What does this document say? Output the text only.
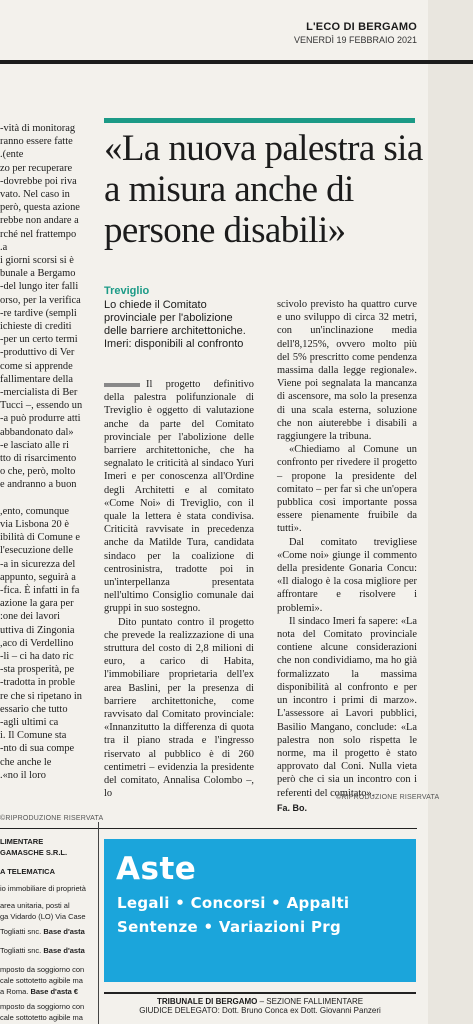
L'ECO DI BERGAMO
VENERDÌ 19 FEBBRAIO 2021

vità di monitorag-

ranno essere fatte

ente).

zo per recuperare

dovrebbe poi riva-

vato. Nel caso in

però, questa azione

rebbe non andare a

rché nel frattempo

a.

i giorni scorsi si è

bunale a Bergamo

del lungo iter falli-

orso, per la verifica

re tardive (sempli-

ichieste di crediti

per un certo termi-

produttivo di Ver-

come si apprende

fallimentare della

mercialista di Ber-

Tucci –, essendo un

a può produrre atti-

«abbandonato dal

e lasciato alle ri-

tto di risarcimento

o che, però, molto

e andranno a buon

ento, comunque,

via Lisbona 20 è

ibilità di Comune e

l'esecuzione delle

a in sicurezza del-

appunto, seguirà a

fica. È infatti in fa-

azione la gara per

one dei lavori:

uttiva di Zingonia

aco di Verdellino,

li – ci ha dato ric-

sta prosperità, pe-

tradotta in proble-

re che si ripetano in

essario che tutto

agli ultimi ca-

i. Il Comune sta

nto di sua compe-

che anche le

no il loro».

©RIPRODUZIONE RISERVATA
«La nuova palestra sia a misura anche di persone disabili»
Treviglio
Lo chiede il Comitato provinciale per l'abolizione delle barriere architettoniche. Imeri: disponibili al confronto

Il progetto definitivo della palestra polifunzionale di Treviglio è oggetto di valutazione anche da parte del Comitato provinciale per l'abolizione delle barriere architettoniche, che ha segnalato le criticità al sindaco Yuri Imeri e per conoscenza all'Ordine degli Architetti e al comitato «Come Noi» di Treviglio, con il quale la lettera è stata condivisa. Criticità ravvisate in precedenza anche da Matilde Tura, candidata sindaco per la coalizione di centrosinistra, tradotte poi in un'interpellanza presentata nell'ultimo Consiglio comunale dai gruppi in suo sostegno.

Dito puntato contro il progetto che prevede la realizzazione di una struttura del costo di 2,8 milioni di euro, a carico di Habita, l'immobiliare proprietaria dell'ex area Baslini, per la presenza di barriere architettoniche, come ravvisato dal Comitato provinciale: «Innanzitutto la differenza di quota tra il piano strada e l'ingresso riservato al pubblico è di 260 centimetri – evidenzia la presidente del comitato, Annalisa Colombo –, lo

scivolo previsto ha quattro curve e uno sviluppo di circa 32 metri, con un'inclinazione media dell'8,125%, ovvero molto più del 5% prescritto come pendenza massima dalla legge regionale». Viene poi segnalata la mancanza di ascensore, ma solo la presenza di una scala esterna, soluzione che non aiuterebbe i disabili a raggiungere la tribuna.

«Chiediamo al Comune un confronto per rivedere il progetto – propone la presidente del comitato – per far sì che un'opera pubblica così importante possa essere pienamente fruibile da tutti».

Dal comitato trevigliese «Come noi» giunge il commento della presidente Gonaria Concu: «Il dialogo è la cosa migliore per affrontare e risolvere i problemi».

Il sindaco Imeri fa sapere: «La nota del Comitato provinciale contiene alcune considerazioni che non condividiamo, ma ho già formalizzato la massima disponibilità al confronto e per un incontro i primi di marzo». L'assessore ai Lavori pubblici, Basilio Mangano, conclude: «La palestra non solo rispetta le norme, ma il progetto è stato approvato dal Coni. Nulla vieta però che ci sia un incontro con i referenti del comitato».

Fa. Bo.

©RIPRODUZIONE RISERVATA
LIMENTARE
GAMASCHE S.R.L.
A TELEMATICA
io immobiliare di proprietà
area unitaria, posti al
ga Vidardo (LO) Via Case
Togliatti snc. Base d'asta
Togliatti snc. Base d'asta
mposto da soggiorno con
cale sottotetto agibile ma
a Roma. Base d'asta €
mposto da soggiorno con
cale sottotetto agibile ma
Aste
Legali • Concorsi • Appalti
Sentenze • Variazioni Prg
TRIBUNALE DI BERGAMO – SEZIONE FALLIMENTARE
GIUDICE DELEGATO: Dott. Bruno Conca ex Dott. Giovanni Panzeri
